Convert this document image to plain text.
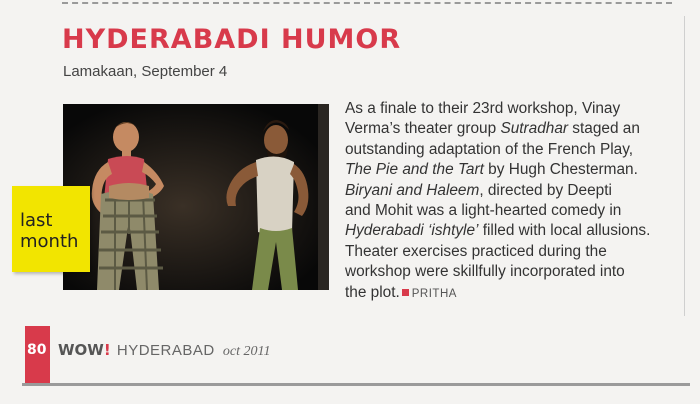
HYDERABADI HUMOR
Lamakaan, September 4
last
month

As a finale to their 23rd workshop, Vinay
Verma’s theater group Sutradhar staged an
outstanding adaptation of the French Play,
The Pie and the Tart by Hugh Chesterman.
Biryani and Haleem, directed by Deepti
and Mohit was a light-hearted comedy in
Hyderabadi ‘ishtyle’ filled with local allusions.
Theater exercises practiced during the
workshop were skillfully incorporated into
the plot. PRITHA

80 WOW! HYDERABAD oct 2011
